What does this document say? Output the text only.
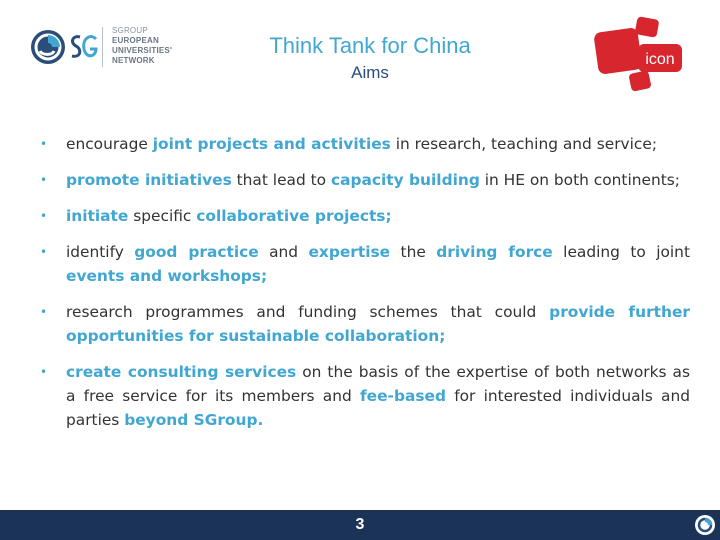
SGROUP
EUROPEAN
UNIVERSITIES'
NETWORK
Think Tank for China
Aims
icon
• encourage joint projects and activities in research, teaching and service;
• promote initiatives that lead to capacity building in HE on both continents;
• initiate specific collaborative projects;
• identify good practice and expertise the driving force leading to joint events and workshops;
• research programmes and funding schemes that could provide further opportunities for sustainable collaboration;
• create consulting services on the basis of the expertise of both networks as a free service for its members and fee-based for interested individuals and parties beyond SGroup.
3
